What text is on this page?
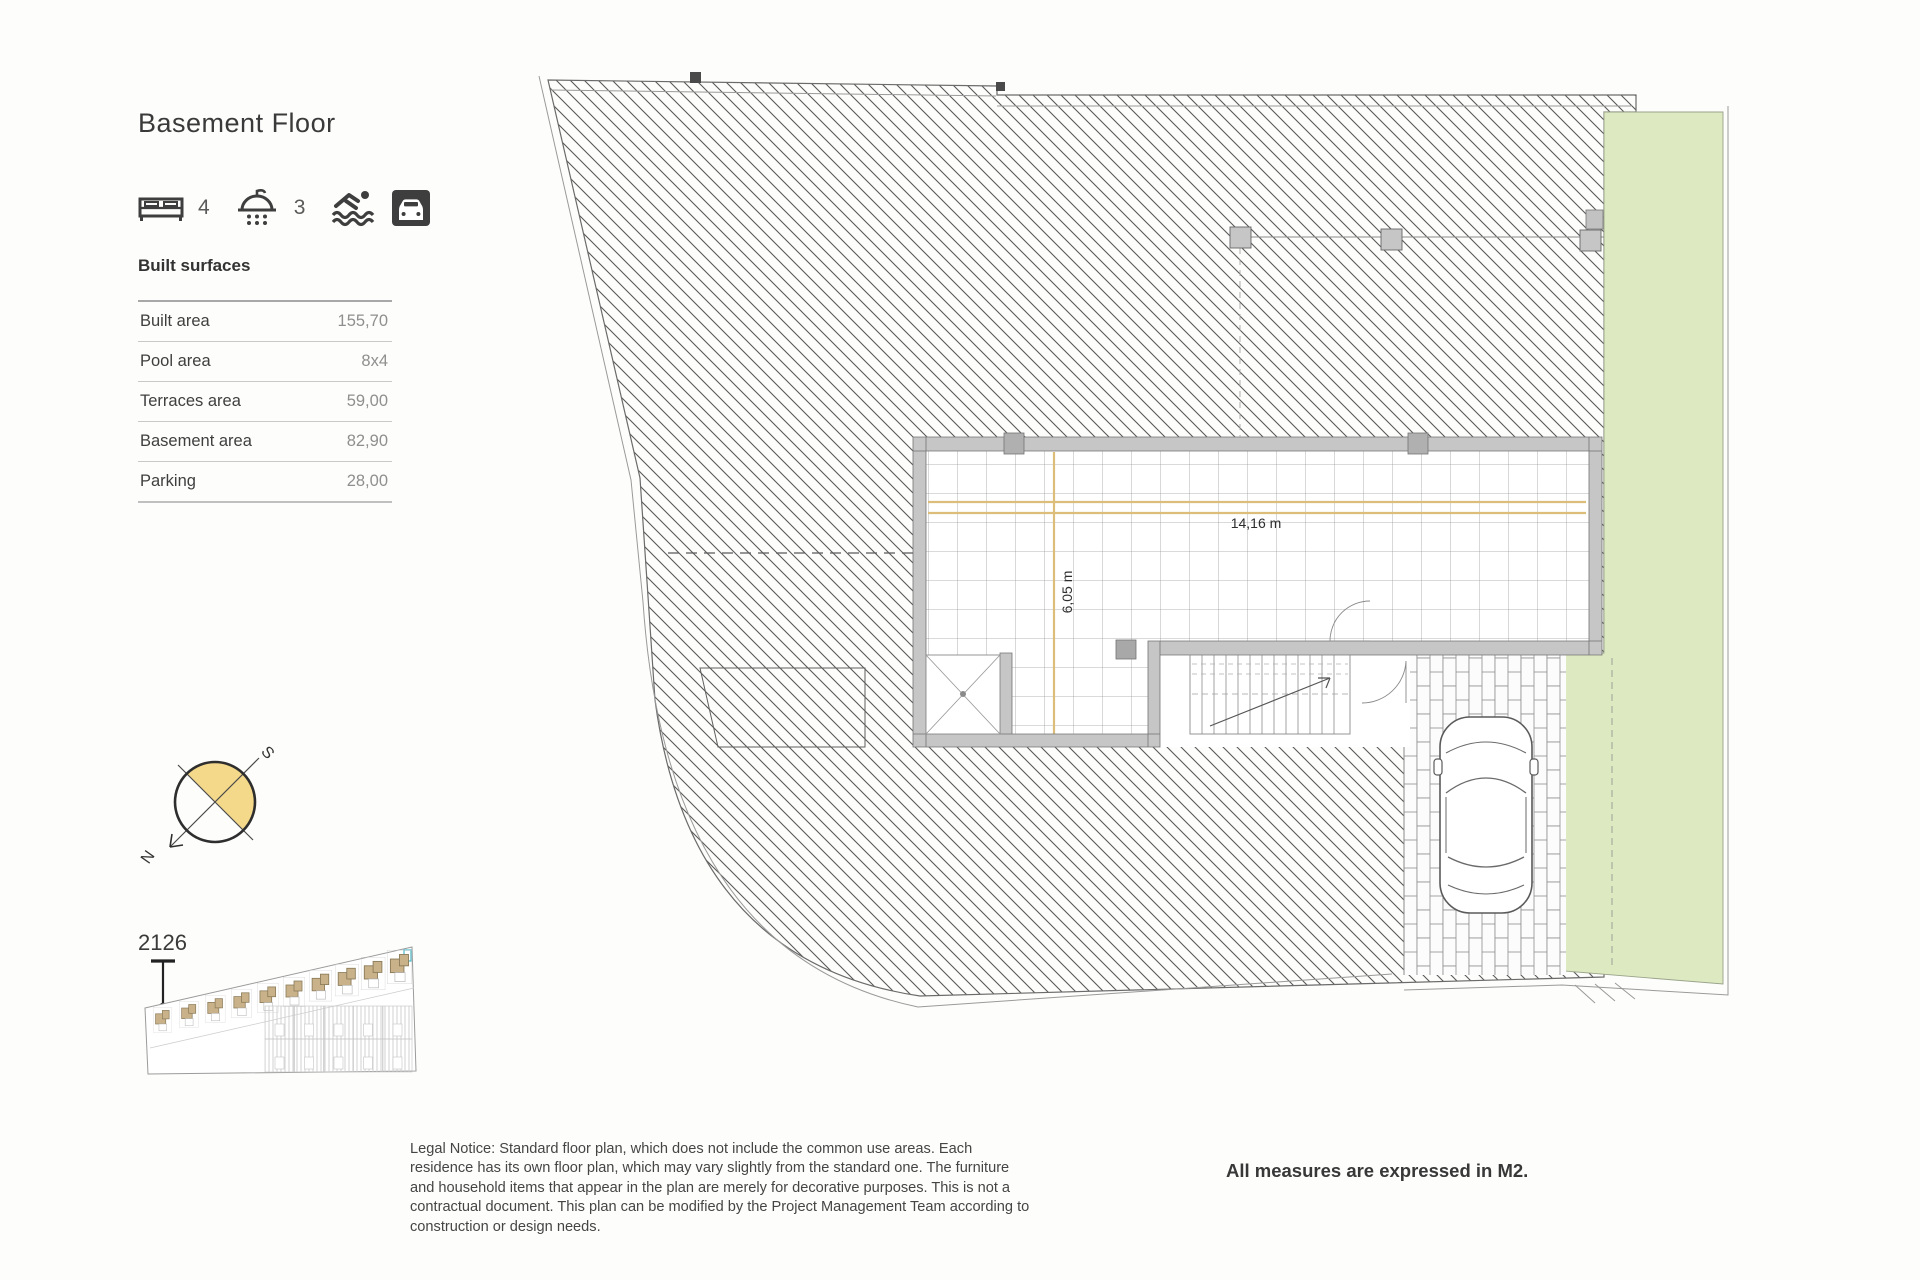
Basement Floor
4	3
Built surfaces
Built area	155,70
Pool area	8x4
Terraces area	59,00
Basement area	82,90
Parking	28,00
Legal Notice: Standard floor plan, which does not include the common use areas. Each residence has its own floor plan, which may vary slightly from the standard one. The furniture and household items that appear in the plan are merely for decorative purposes. This is not a contractual document. This plan can be modified by the Project Management Team according to construction or design needs.
All measures are expressed in M2.
14,16 m
6,05 m
S
N
2126
